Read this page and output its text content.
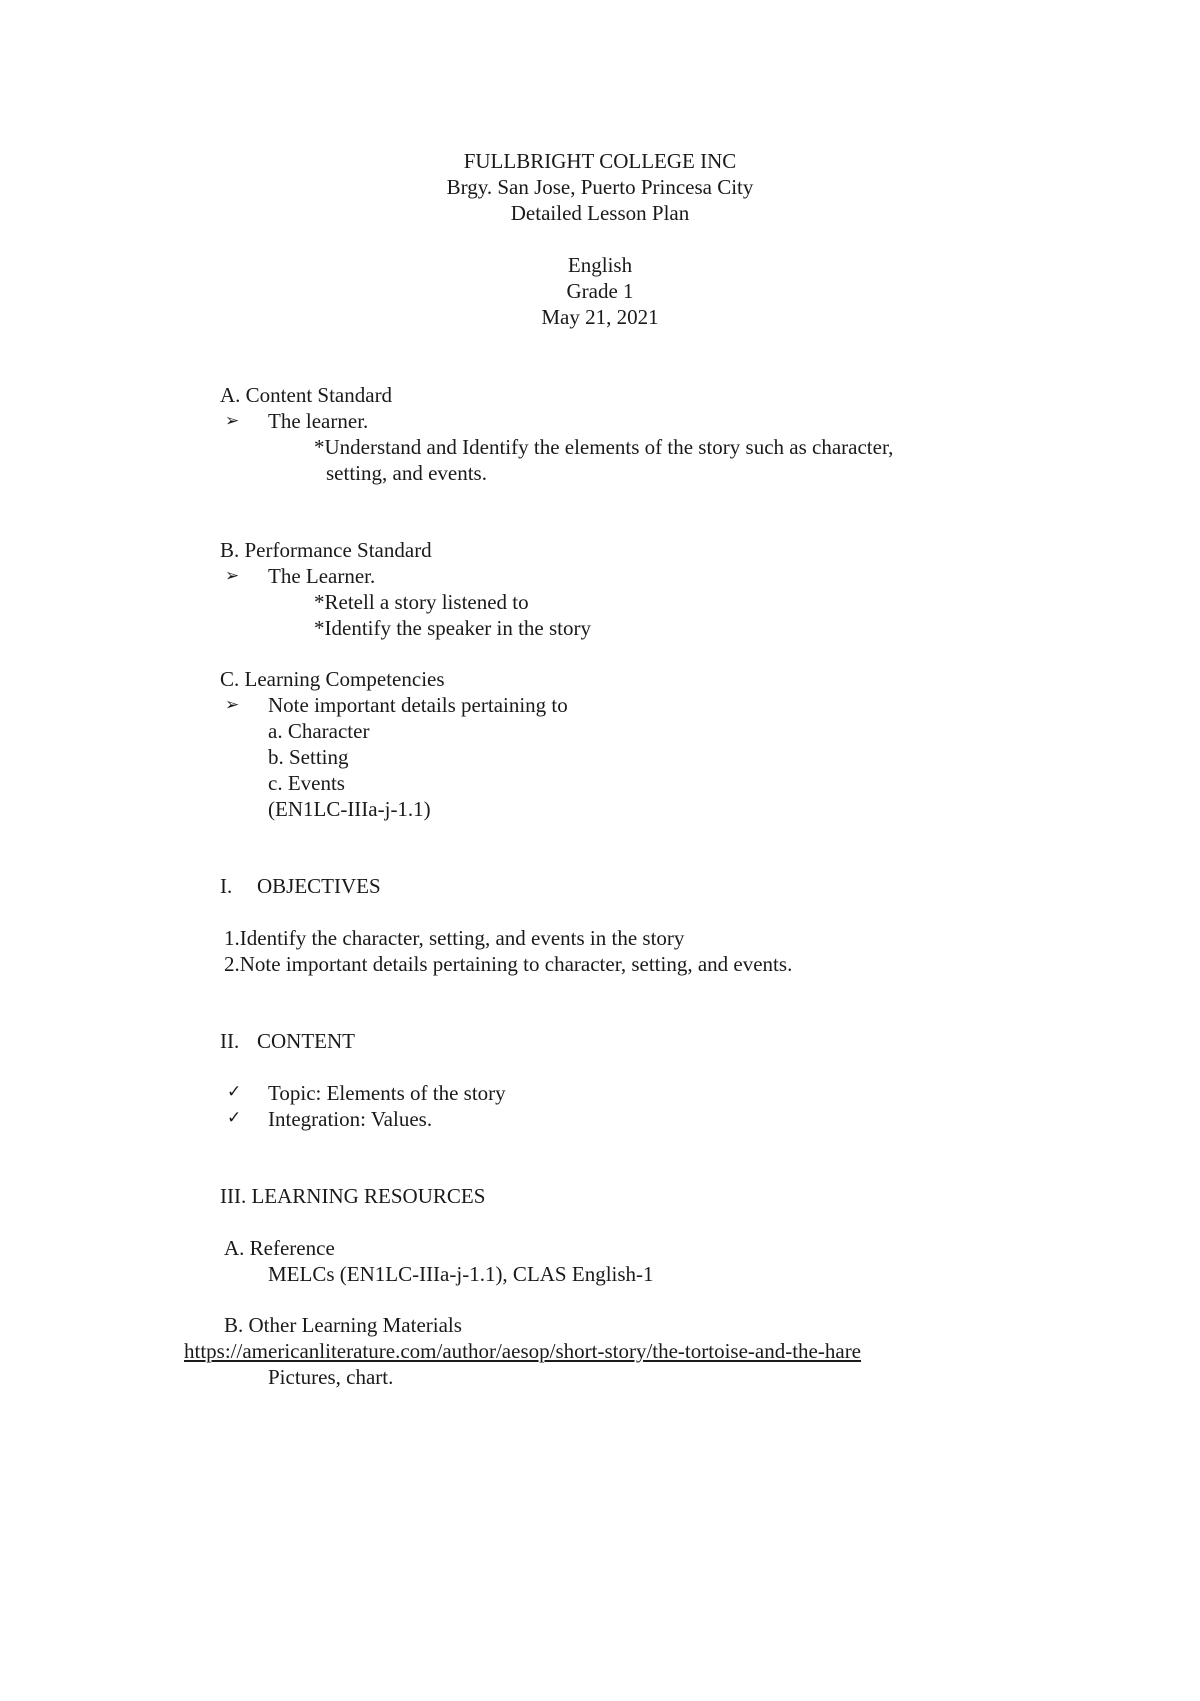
FULLBRIGHT COLLEGE INC
Brgy. San Jose, Puerto Princesa City
Detailed Lesson Plan
English
Grade 1
May 21, 2021
A. Content Standard
➢ The learner.
*Understand and Identify the elements of the story such as character,
setting, and events.
B. Performance Standard
➢ The Learner.
*Retell a story listened to
*Identify the speaker in the story
C. Learning Competencies
➢ Note important details pertaining to
a. Character
b. Setting
c. Events
(EN1LC-IIIa-j-1.1)
I. OBJECTIVES
1.Identify the character, setting, and events in the story
2.Note important details pertaining to character, setting, and events.
II. CONTENT
✓ Topic: Elements of the story
✓ Integration: Values.
III. LEARNING RESOURCES
A. Reference
MELCs (EN1LC-IIIa-j-1.1), CLAS English-1
B. Other Learning Materials
https://americanliterature.com/author/aesop/short-story/the-tortoise-and-the-hare
Pictures, chart.
